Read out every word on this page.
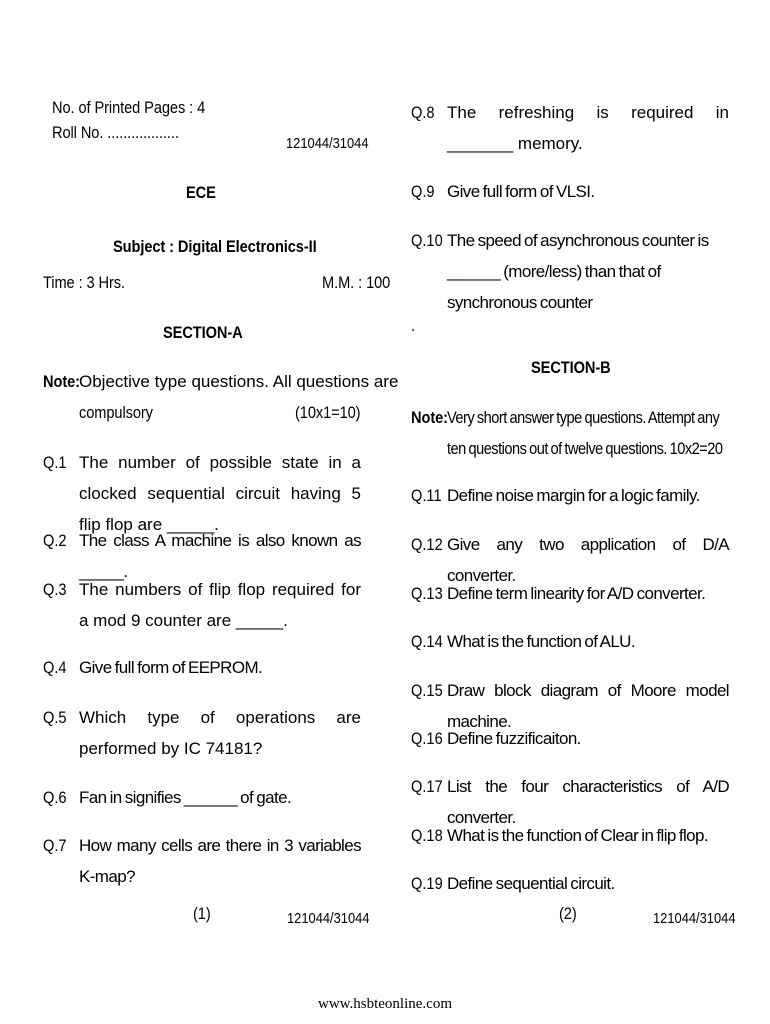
No. of Printed Pages : 4
Roll No. ..................
121044/31044
ECE
Subject : Digital Electronics-II
Time : 3 Hrs.	M.M. : 100
SECTION-A
Note: Objective type questions. All questions are
compulsory	(10x1=10)
Q.1 The number of possible state in a clocked sequential circuit having 5 flip flop are _____.
Q.2 The class A machine is also known as _____.
Q.3 The numbers of flip flop required for a mod 9 counter are _____.
Q.4 Give full form of EEPROM.
Q.5 Which type of operations are performed by IC 74181?
Q.6 Fan in signifies ______ of gate.
Q.7 How many cells are there in 3 variables K-map?
(1)	121044/31044
Q.8 The refreshing is required in _______ memory.
Q.9 Give full form of VLSI.
Q.10 The speed of asynchronous counter is ______ (more/less) than that of synchronous counter
.
SECTION-B
Note: Very short answer type questions. Attempt any
ten questions out of twelve questions. 10x2=20
Q.11 Define noise margin for a logic family.
Q.12 Give any two application of D/A converter.
Q.13 Define term linearity for A/D converter.
Q.14 What is the function of ALU.
Q.15 Draw block diagram of Moore model machine.
Q.16 Define fuzzificaiton.
Q.17 List the four characteristics of A/D converter.
Q.18 What is the function of Clear in flip flop.
Q.19 Define sequential circuit.
(2)	121044/31044
www.hsbteonline.com
